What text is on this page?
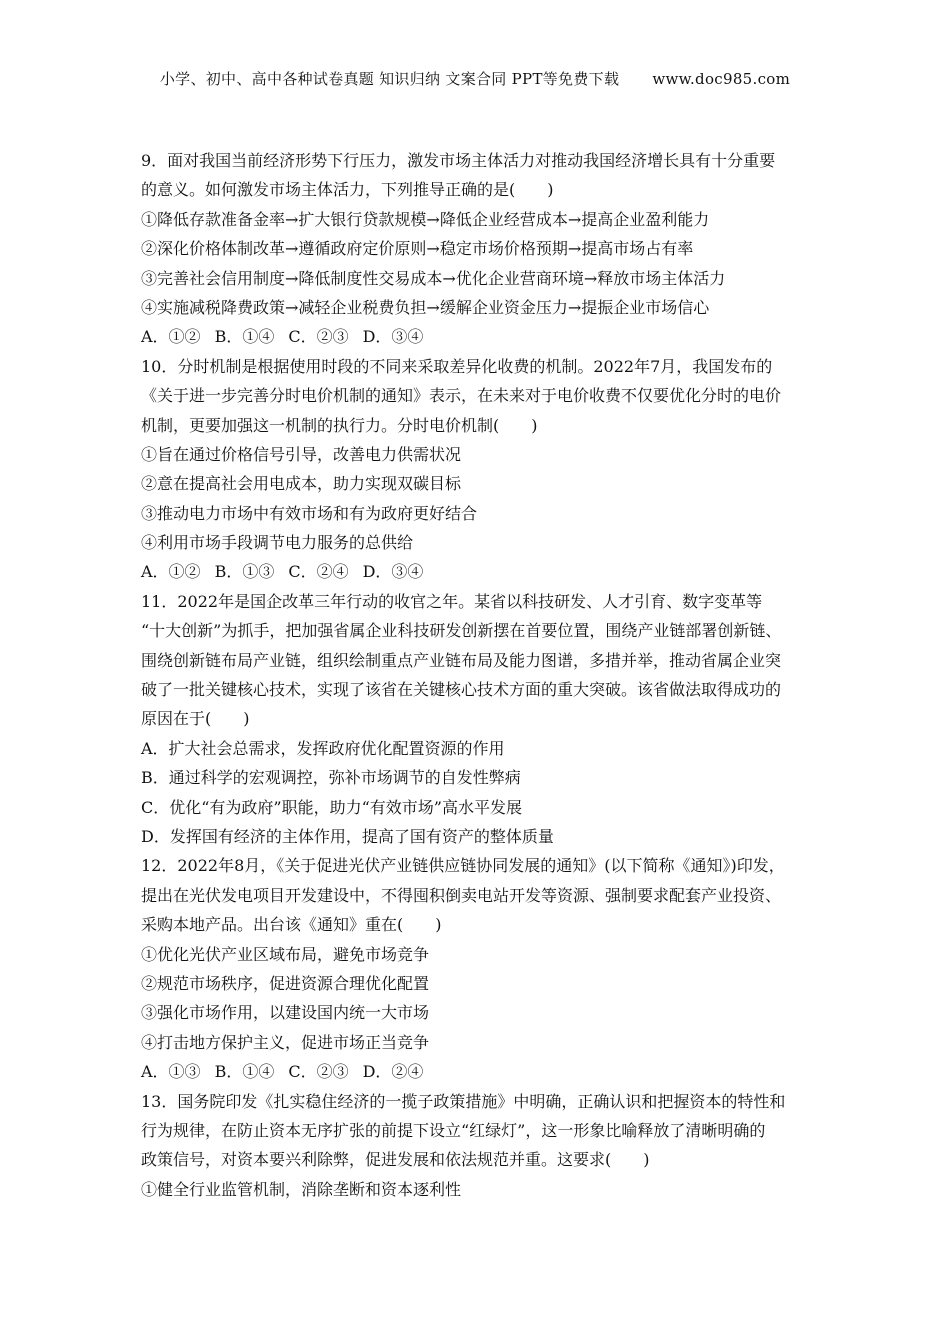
小学、初中、高中各种试卷真题 知识归纳 文案合同 PPT等免费下载 www.doc985.com
9．面对我国当前经济形势下行压力，激发市场主体活力对推动我国经济增长具有十分重要
的意义。如何激发市场主体活力，下列推导正确的是(　　)
①降低存款准备金率→扩大银行贷款规模→降低企业经营成本→提高企业盈利能力
②深化价格体制改革→遵循政府定价原则→稳定市场价格预期→提高市场占有率
③完善社会信用制度→降低制度性交易成本→优化企业营商环境→释放市场主体活力
④实施减税降费政策→减轻企业税费负担→缓解企业资金压力→提振企业市场信心
A．①② B．①④ C．②③ D．③④
10．分时机制是根据使用时段的不同来采取差异化收费的机制。2022年7月，我国发布的
《关于进一步完善分时电价机制的通知》表示，在未来对于电价收费不仅要优化分时的电价
机制，更要加强这一机制的执行力。分时电价机制(　　)
①旨在通过价格信号引导，改善电力供需状况
②意在提高社会用电成本，助力实现双碳目标
③推动电力市场中有效市场和有为政府更好结合
④利用市场手段调节电力服务的总供给
A．①② B．①③ C．②④ D．③④
11．2022年是国企改革三年行动的收官之年。某省以科技研发、人才引育、数字变革等
“十大创新”为抓手，把加强省属企业科技研发创新摆在首要位置，围绕产业链部署创新链、
围绕创新链布局产业链，组织绘制重点产业链布局及能力图谱，多措并举，推动省属企业突
破了一批关键核心技术，实现了该省在关键核心技术方面的重大突破。该省做法取得成功的
原因在于(　　)
A．扩大社会总需求，发挥政府优化配置资源的作用
B．通过科学的宏观调控，弥补市场调节的自发性弊病
C．优化“有为政府”职能，助力“有效市场”高水平发展
D．发挥国有经济的主体作用，提高了国有资产的整体质量
12．2022年8月，《关于促进光伏产业链供应链协同发展的通知》(以下简称《通知》)印发，
提出在光伏发电项目开发建设中，不得囤积倒卖电站开发等资源、强制要求配套产业投资、
采购本地产品。出台该《通知》重在(　　)
①优化光伏产业区域布局，避免市场竞争
②规范市场秩序，促进资源合理优化配置
③强化市场作用，以建设国内统一大市场
④打击地方保护主义，促进市场正当竞争
A．①③ B．①④ C．②③ D．②④
13．国务院印发《扎实稳住经济的一揽子政策措施》中明确，正确认识和把握资本的特性和
行为规律，在防止资本无序扩张的前提下设立“红绿灯”，这一形象比喻释放了清晰明确的
政策信号，对资本要兴利除弊，促进发展和依法规范并重。这要求(　　)
①健全行业监管机制，消除垄断和资本逐利性
